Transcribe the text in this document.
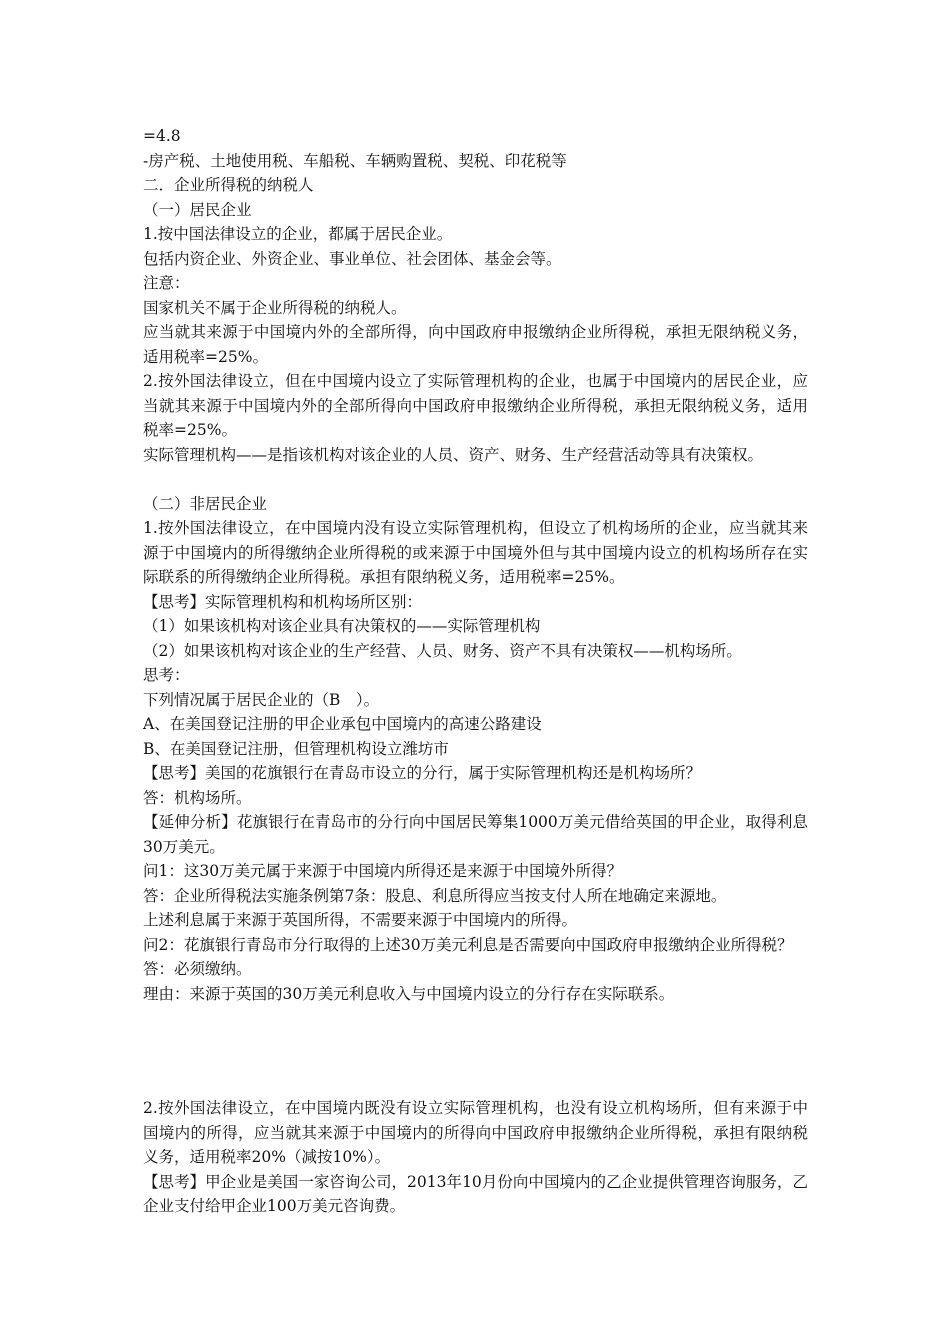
=4.8
-房产税、土地使用税、车船税、车辆购置税、契税、印花税等
二．企业所得税的纳税人
（一）居民企业
1.按中国法律设立的企业，都属于居民企业。
包括内资企业、外资企业、事业单位、社会团体、基金会等。
注意：
国家机关不属于企业所得税的纳税人。
应当就其来源于中国境内外的全部所得，向中国政府申报缴纳企业所得税，承担无限纳税义务，适用税率=25%。
2.按外国法律设立，但在中国境内设立了实际管理机构的企业，也属于中国境内的居民企业，应当就其来源于中国境内外的全部所得向中国政府申报缴纳企业所得税，承担无限纳税义务，适用税率=25%。
实际管理机构——是指该机构对该企业的人员、资产、财务、生产经营活动等具有决策权。
（二）非居民企业
1.按外国法律设立，在中国境内没有设立实际管理机构，但设立了机构场所的企业，应当就其来源于中国境内的所得缴纳企业所得税的或来源于中国境外但与其中国境内设立的机构场所存在实际联系的所得缴纳企业所得税。承担有限纳税义务，适用税率=25%。
【思考】实际管理机构和机构场所区别：
（1）如果该机构对该企业具有决策权的——实际管理机构
（2）如果该机构对该企业的生产经营、人员、财务、资产不具有决策权——机构场所。
思考：
下列情况属于居民企业的（B　）。
A、在美国登记注册的甲企业承包中国境内的高速公路建设
B、在美国登记注册，但管理机构设立潍坊市
【思考】美国的花旗银行在青岛市设立的分行，属于实际管理机构还是机构场所？
答：机构场所。
【延伸分析】花旗银行在青岛市的分行向中国居民筹集1000万美元借给英国的甲企业，取得利息30万美元。
问1：这30万美元属于来源于中国境内所得还是来源于中国境外所得？
答：企业所得税法实施条例第7条：股息、利息所得应当按支付人所在地确定来源地。
上述利息属于来源于英国所得，不需要来源于中国境内的所得。
问2：花旗银行青岛市分行取得的上述30万美元利息是否需要向中国政府申报缴纳企业所得税？
答：必须缴纳。
理由：来源于英国的30万美元利息收入与中国境内设立的分行存在实际联系。
2.按外国法律设立，在中国境内既没有设立实际管理机构，也没有设立机构场所，但有来源于中国境内的所得，应当就其来源于中国境内的所得向中国政府申报缴纳企业所得税，承担有限纳税义务，适用税率20%（减按10%）。
【思考】甲企业是美国一家咨询公司，2013年10月份向中国境内的乙企业提供管理咨询服务，乙企业支付给甲企业100万美元咨询费。
